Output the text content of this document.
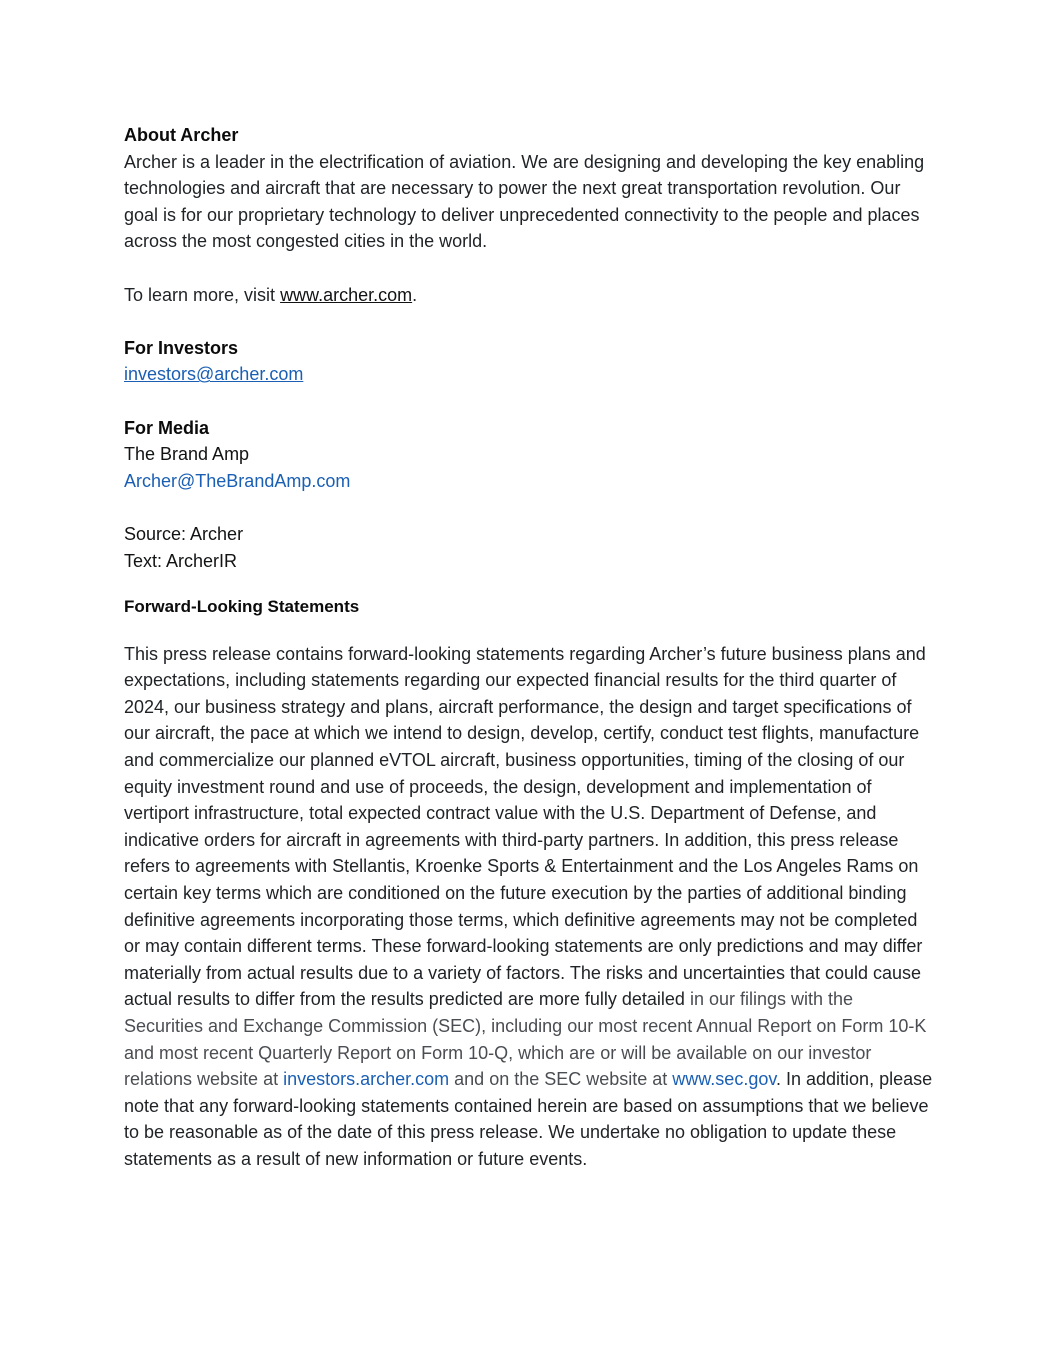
About Archer

Archer is a leader in the electrification of aviation. We are designing and developing the key enabling technologies and aircraft that are necessary to power the next great transportation revolution. Our goal is for our proprietary technology to deliver unprecedented connectivity to the people and places across the most congested cities in the world.

To learn more, visit www.archer.com.

For Investors

investors@archer.com

For Media

The Brand Amp

Archer@TheBrandAmp.com

Source: Archer

Text: ArcherIR

Forward-Looking Statements

This press release contains forward-looking statements regarding Archer’s future business plans and expectations, including statements regarding our expected financial results for the third quarter of 2024, our business strategy and plans, aircraft performance, the design and target specifications of our aircraft, the pace at which we intend to design, develop, certify, conduct test flights, manufacture and commercialize our planned eVTOL aircraft, business opportunities, timing of the closing of our equity investment round and use of proceeds, the design, development and implementation of vertiport infrastructure, total expected contract value with the U.S. Department of Defense, and indicative orders for aircraft in agreements with third-party partners. In addition, this press release refers to agreements with Stellantis, Kroenke Sports & Entertainment and the Los Angeles Rams on certain key terms which are conditioned on the future execution by the parties of additional binding definitive agreements incorporating those terms, which definitive agreements may not be completed or may contain different terms. These forward-looking statements are only predictions and may differ materially from actual results due to a variety of factors. The risks and uncertainties that could cause actual results to differ from the results predicted are more fully detailed in our filings with the Securities and Exchange Commission (SEC), including our most recent Annual Report on Form 10-K and most recent Quarterly Report on Form 10-Q, which are or will be available on our investor relations website at investors.archer.com and on the SEC website at www.sec.gov. In addition, please note that any forward-looking statements contained herein are based on assumptions that we believe to be reasonable as of the date of this press release. We undertake no obligation to update these statements as a result of new information or future events.
